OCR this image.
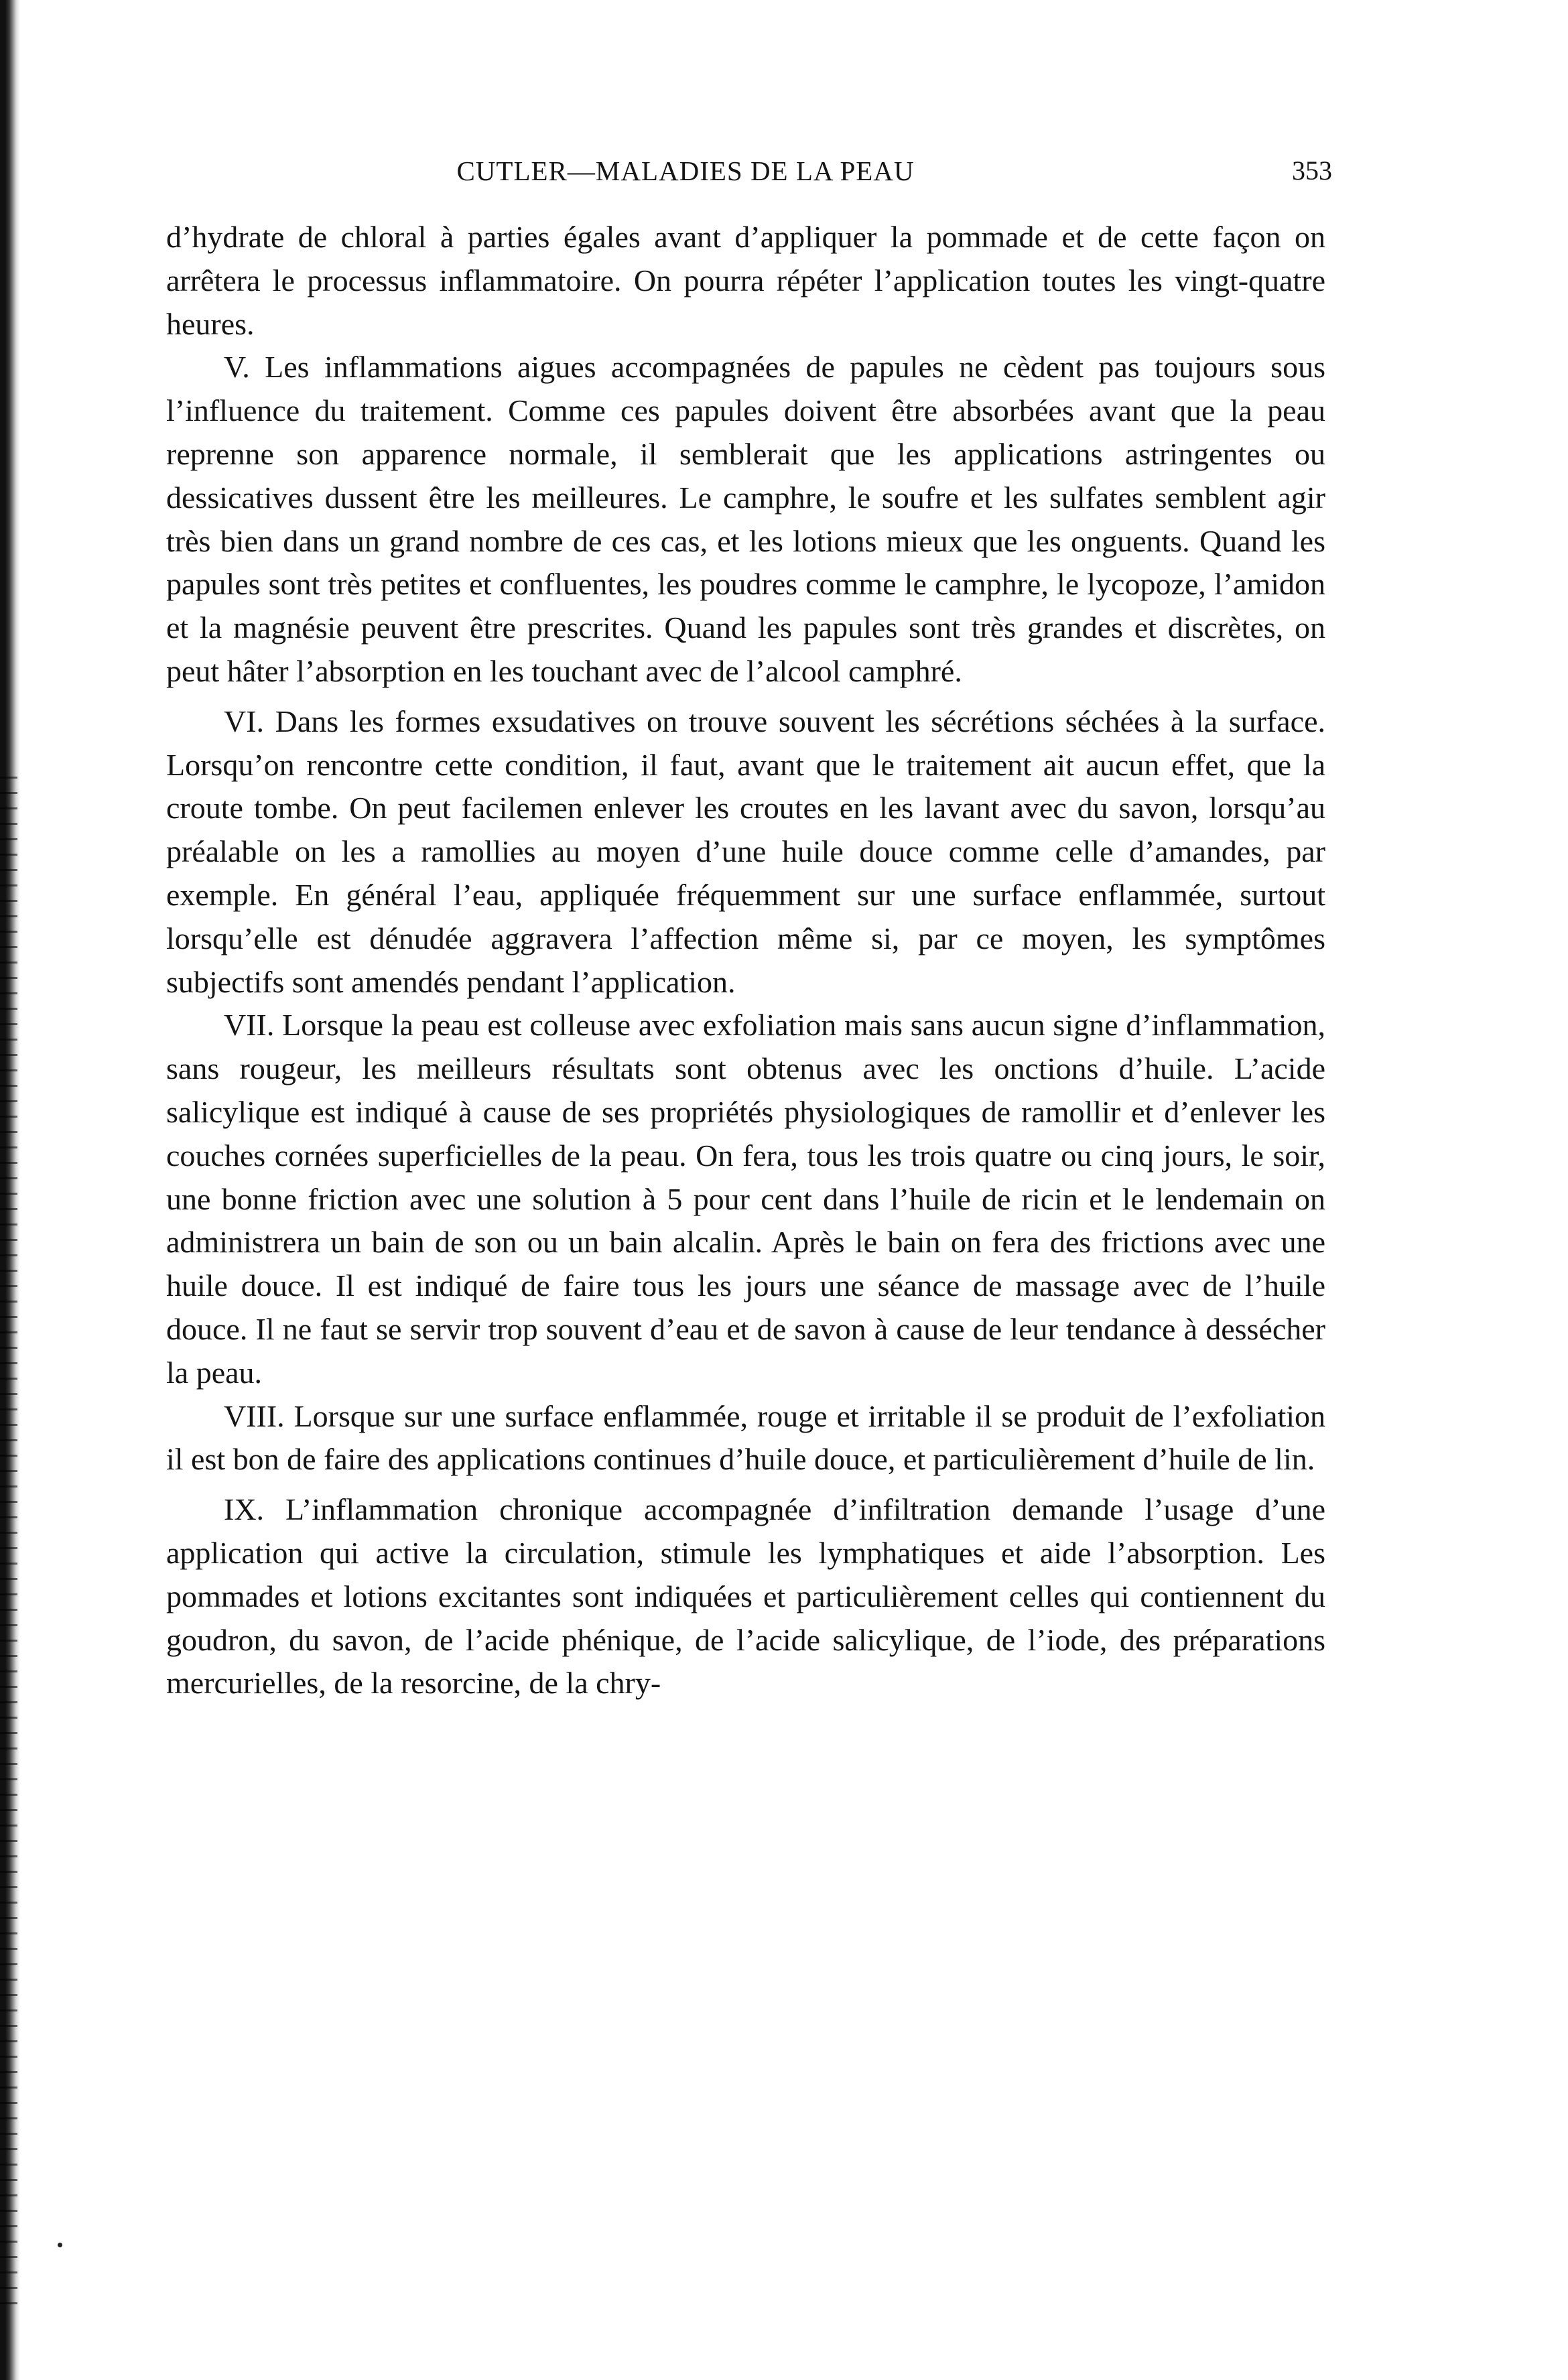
CUTLER—MALADIES DE LA PEAU	353

d’hydrate de chloral à parties égales avant d’appliquer la pommade et de cette façon on arrêtera le processus inflammatoire. On pourra répéter l’application toutes les vingt-quatre heures.

V. Les inflammations aigues accompagnées de papules ne cèdent pas toujours sous l’influence du traitement. Comme ces papules doivent être absorbées avant que la peau reprenne son apparence normale, il semblerait que les applications astringentes ou dessicatives dussent être les meilleures. Le camphre, le soufre et les sulfates semblent agir très bien dans un grand nombre de ces cas, et les lotions mieux que les onguents. Quand les papules sont très petites et confluentes, les poudres comme le camphre, le lycopoze, l’amidon et la magnésie peuvent être prescrites. Quand les papules sont très grandes et discrètes, on peut hâter l’absorption en les touchant avec de l’alcool camphré.

VI. Dans les formes exsudatives on trouve souvent les sécrétions séchées à la surface. Lorsqu’on rencontre cette condition, il faut, avant que le traitement ait aucun effet, que la croute tombe. On peut facilemen enlever les croutes en les lavant avec du savon, lorsqu’au préalable on les a ramollies au moyen d’une huile douce comme celle d’amandes, par exemple. En général l’eau, appliquée fréquemment sur une surface enflammée, surtout lorsqu’elle est dénudée aggravera l’affection même si, par ce moyen, les symptômes subjectifs sont amendés pendant l’application.

VII. Lorsque la peau est colleuse avec exfoliation mais sans aucun signe d’inflammation, sans rougeur, les meilleurs résultats sont obtenus avec les onctions d’huile. L’acide salicylique est indiqué à cause de ses propriétés physiologiques de ramollir et d’enlever les couches cornées superficielles de la peau. On fera, tous les trois quatre ou cinq jours, le soir, une bonne friction avec une solution à 5 pour cent dans l’huile de ricin et le lendemain on administrera un bain de son ou un bain alcalin. Après le bain on fera des frictions avec une huile douce. Il est indiqué de faire tous les jours une séance de massage avec de l’huile douce. Il ne faut se servir trop souvent d’eau et de savon à cause de leur tendance à dessécher la peau.

VIII. Lorsque sur une surface enflammée, rouge et irritable il se produit de l’exfoliation il est bon de faire des applications continues d’huile douce, et particulièrement d’huile de lin.

IX. L’inflammation chronique accompagnée d’infiltration demande l’usage d’une application qui active la circulation, stimule les lymphatiques et aide l’absorption. Les pommades et lotions excitantes sont indiquées et particulièrement celles qui contiennent du goudron, du savon, de l’acide phénique, de l’acide salicylique, de l’iode, des préparations mercurielles, de la resorcine, de la chry-
